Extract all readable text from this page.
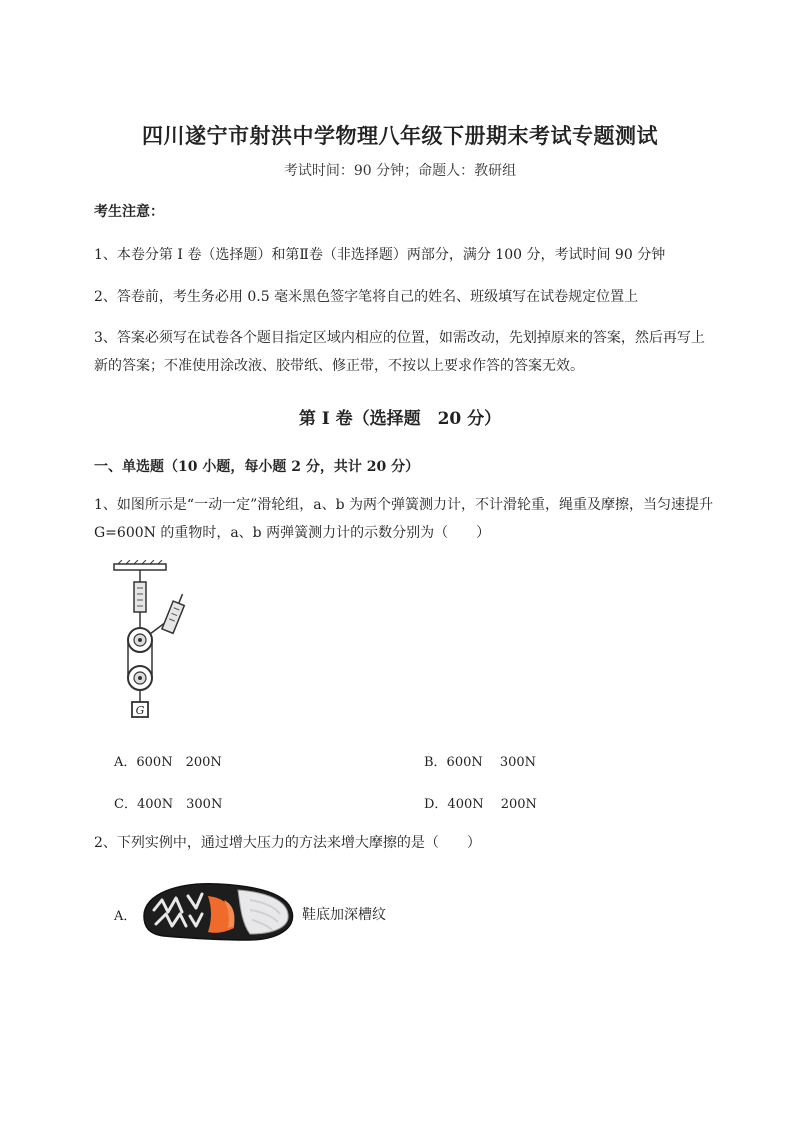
四川遂宁市射洪中学物理八年级下册期末考试专题测试
考试时间：90 分钟；命题人：教研组
考生注意：
1、本卷分第 I 卷（选择题）和第Ⅱ卷（非选择题）两部分，满分 100 分，考试时间 90 分钟
2、答卷前，考生务必用 0.5 毫米黑色签字笔将自己的姓名、班级填写在试卷规定位置上
3、答案必须写在试卷各个题目指定区域内相应的位置，如需改动，先划掉原来的答案，然后再写上新的答案；不准使用涂改液、胶带纸、修正带，不按以上要求作答的答案无效。
第 I 卷（选择题　20 分）
一、单选题（10 小题，每小题 2 分，共计 20 分）
1、如图所示是“一动一定”滑轮组，a、b 为两个弹簧测力计，不计滑轮重，绳重及摩擦，当匀速提升 G=600N 的重物时，a、b 两弹簧测力计的示数分别为（　　）
G
A．600N　200N	B．600N　 300N
C．400N　300N	D．400N　 200N
2、下列实例中，通过增大压力的方法来增大摩擦的是（　　）
A．	鞋底加深槽纹
